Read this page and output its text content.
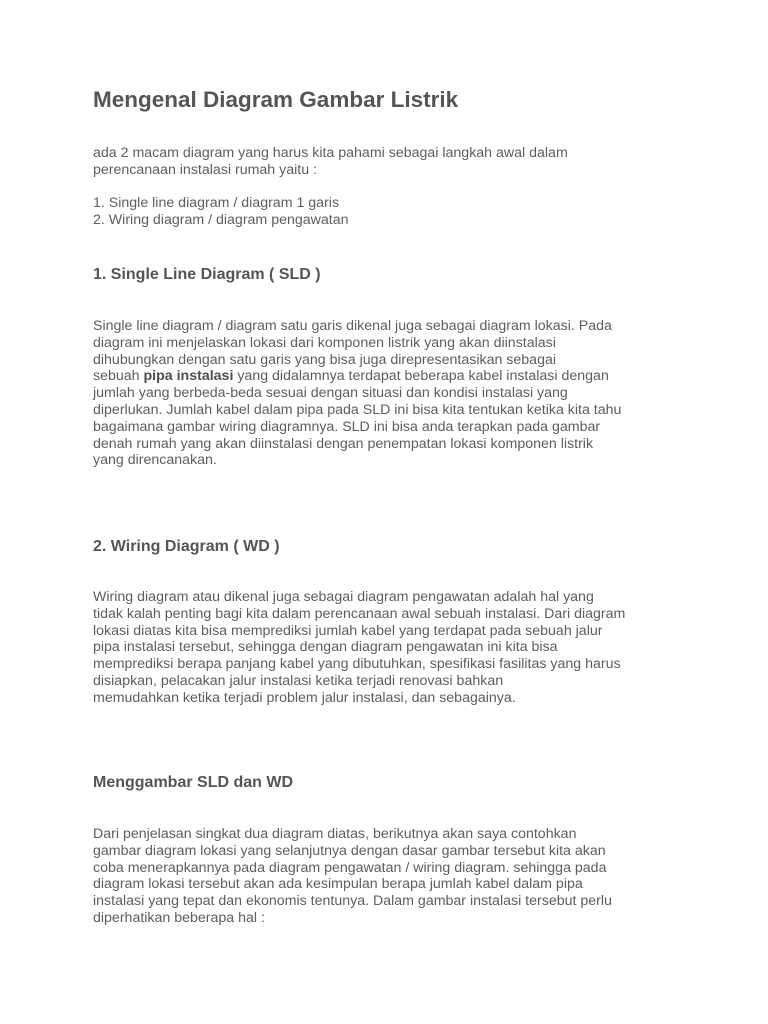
Mengenal Diagram Gambar Listrik

ada 2 macam diagram yang harus kita pahami sebagai langkah awal dalam
perencanaan instalasi rumah yaitu :

1. Single line diagram / diagram 1 garis
2. Wiring diagram / diagram pengawatan
1. Single Line Diagram ( SLD )

Single line diagram / diagram satu garis dikenal juga sebagai diagram lokasi. Pada
diagram ini menjelaskan lokasi dari komponen listrik yang akan diinstalasi
dihubungkan dengan satu garis yang bisa juga direpresentasikan sebagai
sebuah pipa instalasi yang didalamnya terdapat beberapa kabel instalasi dengan
jumlah yang berbeda-beda sesuai dengan situasi dan kondisi instalasi yang
diperlukan. Jumlah kabel dalam pipa pada SLD ini bisa kita tentukan ketika kita tahu
bagaimana gambar wiring diagramnya. SLD ini bisa anda terapkan pada gambar
denah rumah yang akan diinstalasi dengan penempatan lokasi komponen listrik
yang direncanakan.

2. Wiring Diagram ( WD )

Wiring diagram atau dikenal juga sebagai diagram pengawatan adalah hal yang
tidak kalah penting bagi kita dalam perencanaan awal sebuah instalasi. Dari diagram
lokasi diatas kita bisa memprediksi jumlah kabel yang terdapat pada sebuah jalur
pipa instalasi tersebut, sehingga dengan diagram pengawatan ini kita bisa
memprediksi berapa panjang kabel yang dibutuhkan, spesifikasi fasilitas yang harus
disiapkan, pelacakan jalur instalasi ketika terjadi renovasi bahkan
memudahkan ketika terjadi problem jalur instalasi, dan sebagainya.

Menggambar SLD dan WD

Dari penjelasan singkat dua diagram diatas, berikutnya akan saya contohkan
gambar diagram lokasi yang selanjutnya dengan dasar gambar tersebut kita akan
coba menerapkannya pada diagram pengawatan / wiring diagram. sehingga pada
diagram lokasi tersebut akan ada kesimpulan berapa jumlah kabel dalam pipa
instalasi yang tepat dan ekonomis tentunya. Dalam gambar instalasi tersebut perlu
diperhatikan beberapa hal :
